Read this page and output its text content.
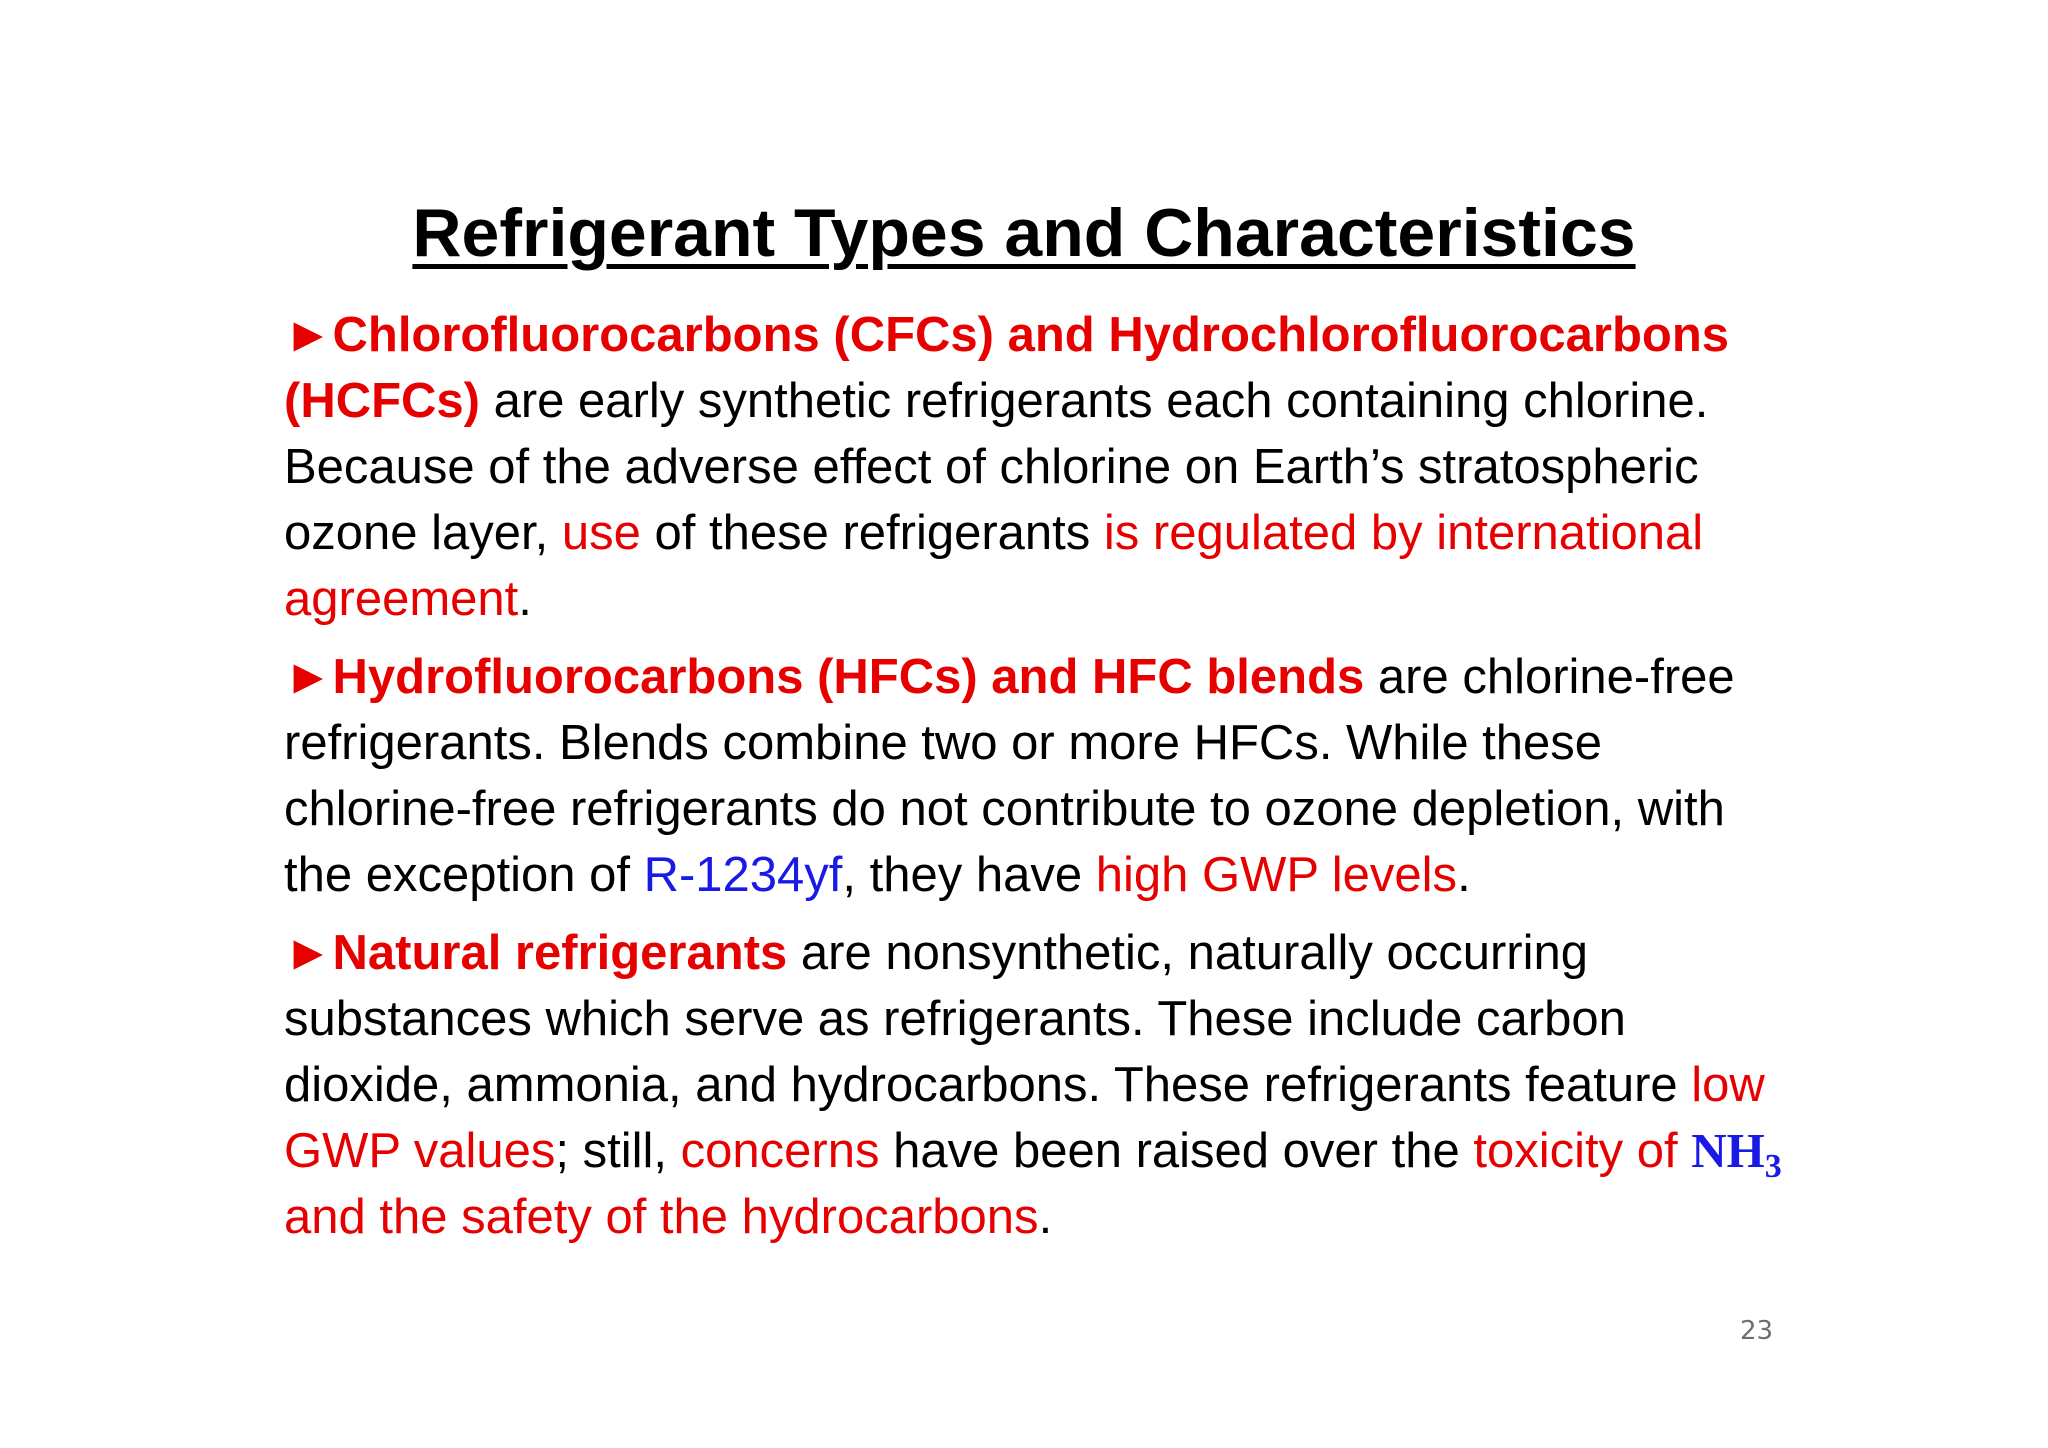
Refrigerant Types and Characteristics

►Chlorofluorocarbons (CFCs) and Hydrochlorofluorocarbons (HCFCs) are early synthetic refrigerants each containing chlorine. Because of the adverse effect of chlorine on Earth’s stratospheric ozone layer, use of these refrigerants is regulated by international agreement.

►Hydrofluorocarbons (HFCs) and HFC blends are chlorine-free refrigerants. Blends combine two or more HFCs. While these chlorine-free refrigerants do not contribute to ozone depletion, with the exception of R-1234yf, they have high GWP levels.

►Natural refrigerants are nonsynthetic, naturally occurring substances which serve as refrigerants. These include carbon dioxide, ammonia, and hydrocarbons. These refrigerants feature low GWP values; still, concerns have been raised over the toxicity of $NH_3$ and the safety of the hydrocarbons.

23
